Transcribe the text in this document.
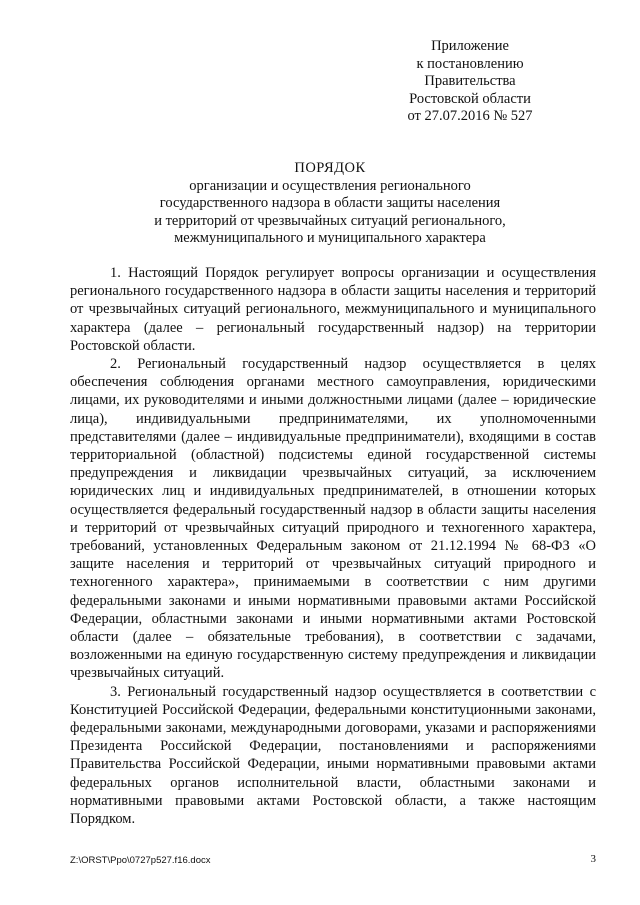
Приложение
к постановлению
Правительства
Ростовской области
от 27.07.2016 № 527
ПОРЯДОК
организации и осуществления регионального
государственного надзора в области защиты населения
и территорий от чрезвычайных ситуаций регионального,
межмуниципального и муниципального характера

1. Настоящий Порядок регулирует вопросы организации и осуществления регионального государственного надзора в области защиты населения и территорий от чрезвычайных ситуаций регионального, межмуниципального и муниципального характера (далее – региональный государственный надзор) на территории Ростовской области.

2. Региональный государственный надзор осуществляется в целях обеспечения соблюдения органами местного самоуправления, юридическими лицами, их руководителями и иными должностными лицами (далее – юридические лица), индивидуальными предпринимателями, их уполномоченными представителями (далее – индивидуальные предприниматели), входящими в состав территориальной (областной) подсистемы единой государственной системы предупреждения и ликвидации чрезвычайных ситуаций, за исключением юридических лиц и индивидуальных предпринимателей, в отношении которых осуществляется федеральный государственный надзор в области защиты населения и территорий от чрезвычайных ситуаций природного и техногенного характера, требований, установленных Федеральным законом от 21.12.1994 № 68-ФЗ «О защите населения и территорий от чрезвычайных ситуаций природного и техногенного характера», принимаемыми в соответствии с ним другими федеральными законами и иными нормативными правовыми актами Российской Федерации, областными законами и иными нормативными актами Ростовской области (далее – обязательные требования), в соответствии с задачами, возложенными на единую государственную систему предупреждения и ликвидации чрезвычайных ситуаций.

3. Региональный государственный надзор осуществляется в соответствии с Конституцией Российской Федерации, федеральными конституционными законами, федеральными законами, международными договорами, указами и распоряжениями Президента Российской Федерации, постановлениями и распоряжениями Правительства Российской Федерации, иными нормативными правовыми актами федеральных органов исполнительной власти, областными законами и нормативными правовыми актами Ростовской области, а также настоящим Порядком.

Z:\ORST\Ppo\0727p527.f16.docx	3
